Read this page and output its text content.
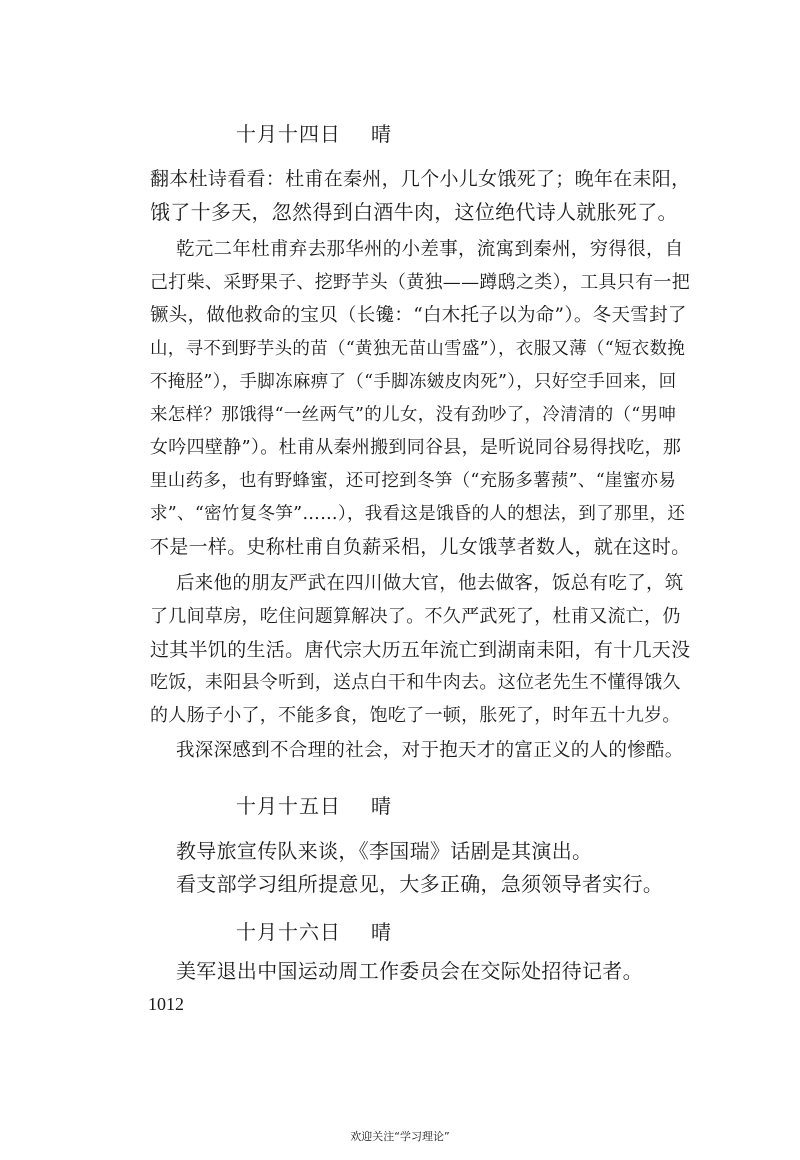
十月十四日 晴
翻本杜诗看看：杜甫在秦州，几个小儿女饿死了；晚年在耒阳，
饿了十多天，忽然得到白酒牛肉，这位绝代诗人就胀死了。
乾元二年杜甫弃去那华州的小差事，流寓到秦州，穷得很，自
己打柴、采野果子、挖野芋头（黄独——蹲鸱之类），工具只有一把
镢头，做他救命的宝贝（长镵：“白木托子以为命”）。冬天雪封了
山，寻不到野芋头的苗（“黄独无苗山雪盛”），衣服又薄（“短衣数挽
不掩胫”），手脚冻麻痹了（“手脚冻皴皮肉死”），只好空手回来，回
来怎样？那饿得“一丝两气”的儿女，没有劲吵了，冷清清的（“男呻
女吟四壁静”）。杜甫从秦州搬到同谷县，是听说同谷易得找吃，那
里山药多，也有野蜂蜜，还可挖到冬笋（“充肠多薯蓣”、“崖蜜亦易
求”、“密竹复冬笋”……），我看这是饿昏的人的想法，到了那里，还
不是一样。史称杜甫自负薪采梠，儿女饿莩者数人，就在这时。
后来他的朋友严武在四川做大官，他去做客，饭总有吃了，筑
了几间草房，吃住问题算解决了。不久严武死了，杜甫又流亡，仍
过其半饥的生活。唐代宗大历五年流亡到湖南耒阳，有十几天没
吃饭，耒阳县令听到，送点白干和牛肉去。这位老先生不懂得饿久
的人肠子小了，不能多食，饱吃了一顿，胀死了，时年五十九岁。
我深深感到不合理的社会，对于抱天才的富正义的人的惨酷。
十月十五日 晴
教导旅宣传队来谈，《李国瑞》话剧是其演出。
看支部学习组所提意见，大多正确，急须领导者实行。
十月十六日 晴
美军退出中国运动周工作委员会在交际处招待记者。
1012
欢迎关注“学习理论”
